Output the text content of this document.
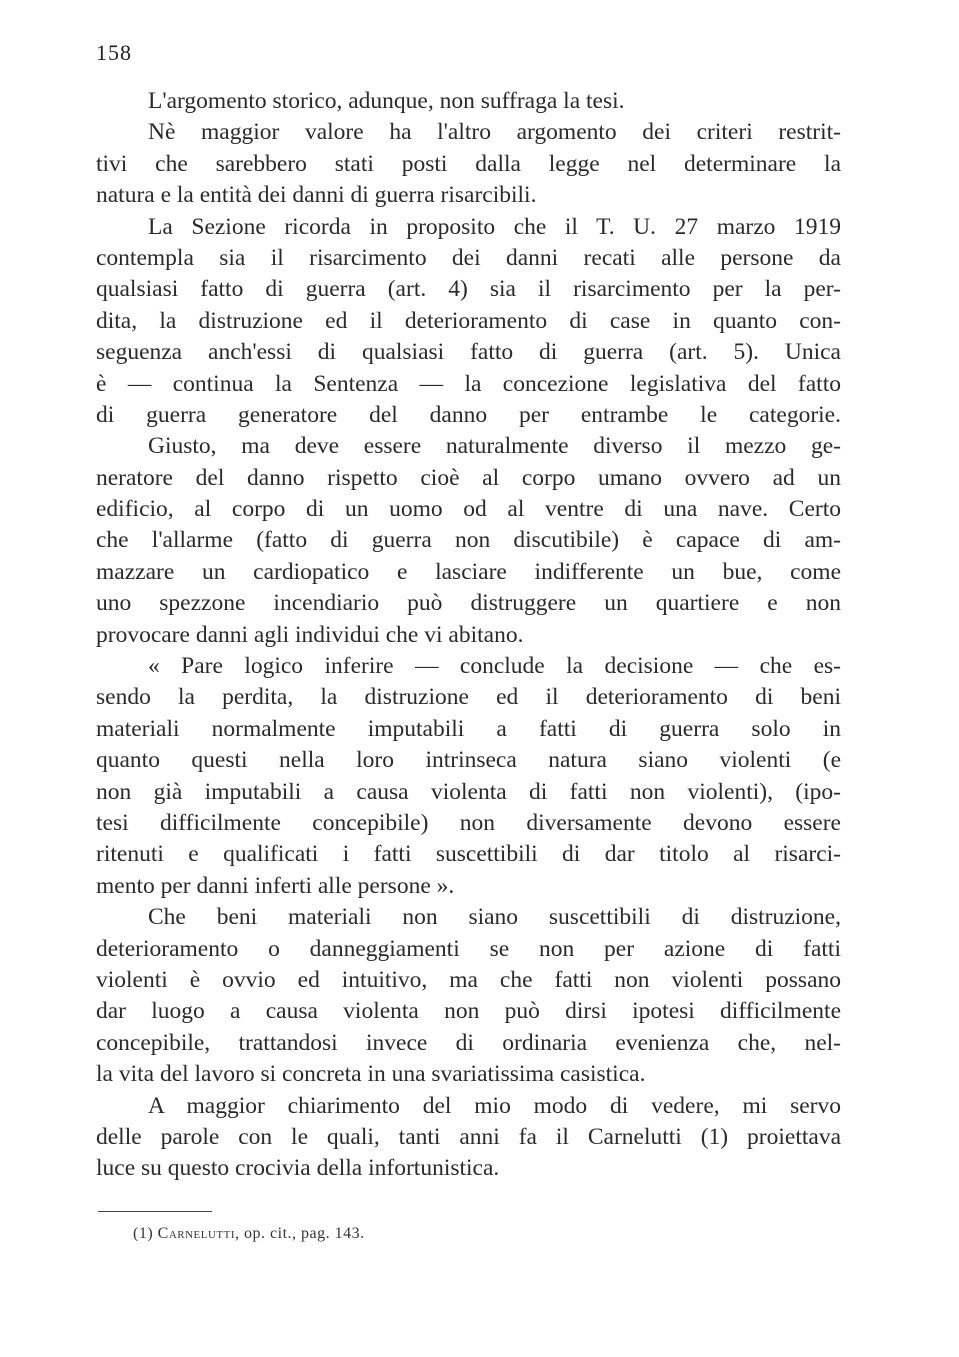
158
L'argomento storico, adunque, non suffraga la tesi.
Nè maggior valore ha l'altro argomento dei criteri restrit-
tivi che sarebbero stati posti dalla legge nel determinare la
natura e la entità dei danni di guerra risarcibili.
La Sezione ricorda in proposito che il T. U. 27 marzo 1919
contempla sia il risarcimento dei danni recati alle persone da
qualsiasi fatto di guerra (art. 4) sia il risarcimento per la per-
dita, la distruzione ed il deterioramento di case in quanto con-
seguenza anch'essi di qualsiasi fatto di guerra (art. 5). Unica
è — continua la Sentenza — la concezione legislativa del fatto
di guerra generatore del danno per entrambe le categorie.
Giusto, ma deve essere naturalmente diverso il mezzo ge-
neratore del danno rispetto cioè al corpo umano ovvero ad un
edificio, al corpo di un uomo od al ventre di una nave. Certo
che l'allarme (fatto di guerra non discutibile) è capace di am-
mazzare un cardiopatico e lasciare indifferente un bue, come
uno spezzone incendiario può distruggere un quartiere e non
provocare danni agli individui che vi abitano.
« Pare logico inferire — conclude la decisione — che es-
sendo la perdita, la distruzione ed il deterioramento di beni
materiali normalmente imputabili a fatti di guerra solo in
quanto questi nella loro intrinseca natura siano violenti (e
non già imputabili a causa violenta di fatti non violenti), (ipo-
tesi difficilmente concepibile) non diversamente devono essere
ritenuti e qualificati i fatti suscettibili di dar titolo al risarci-
mento per danni inferti alle persone ».
Che beni materiali non siano suscettibili di distruzione,
deterioramento o danneggiamenti se non per azione di fatti
violenti è ovvio ed intuitivo, ma che fatti non violenti possano
dar luogo a causa violenta non può dirsi ipotesi difficilmente
concepibile, trattandosi invece di ordinaria evenienza che, nel-
la vita del lavoro si concreta in una svariatissima casistica.
A maggior chiarimento del mio modo di vedere, mi servo
delle parole con le quali, tanti anni fa il Carnelutti (1) proiettava
luce su questo crocivia della infortunistica.
(1) Carnelutti, op. cit., pag. 143.
